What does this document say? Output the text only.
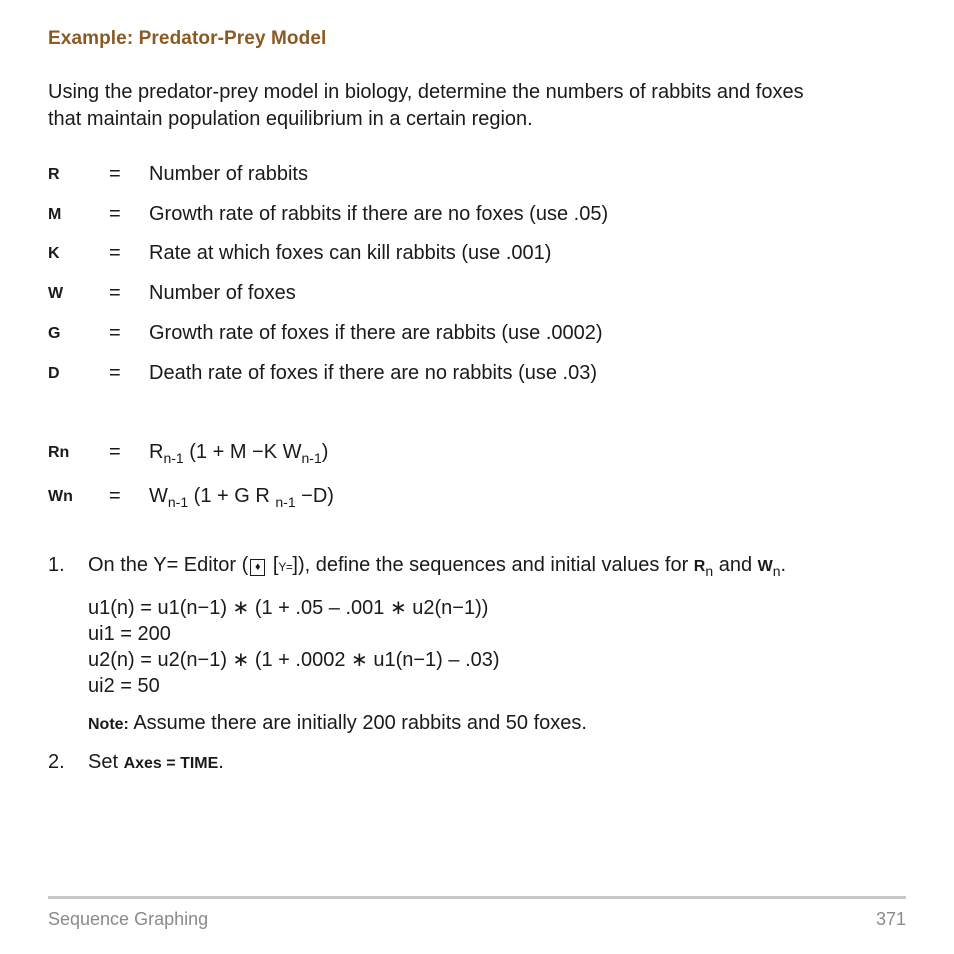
Example: Predator-Prey Model
Using the predator-prey model in biology, determine the numbers of rabbits and foxes
that maintain population equilibrium in a certain region.
R = Number of rabbits
M = Growth rate of rabbits if there are no foxes (use .05)
K = Rate at which foxes can kill rabbits (use .001)
W = Number of foxes
G = Growth rate of foxes if there are rabbits (use .0002)
D = Death rate of foxes if there are no rabbits (use .03)
$Rn = R_{n-1}$ (1 + M −K $W_{n-1}$)
$Wn = W_{n-1}$ (1 + G R $_{n-1}$ −D)
1. On the Y= Editor ( ♦ [Y=]), define the sequences and initial values for $R_n$ and $W_n$.
u1(n) = u1(n−1) ∗ (1 + .05 – .001 ∗ u2(n−1))
ui1 = 200
u2(n) = u2(n−1) ∗ (1 + .0002 ∗ u1(n−1) – .03)
ui2 = 50
Note: Assume there are initially 200 rabbits and 50 foxes.
2. Set Axes = TIME.
Sequence Graphing	371
